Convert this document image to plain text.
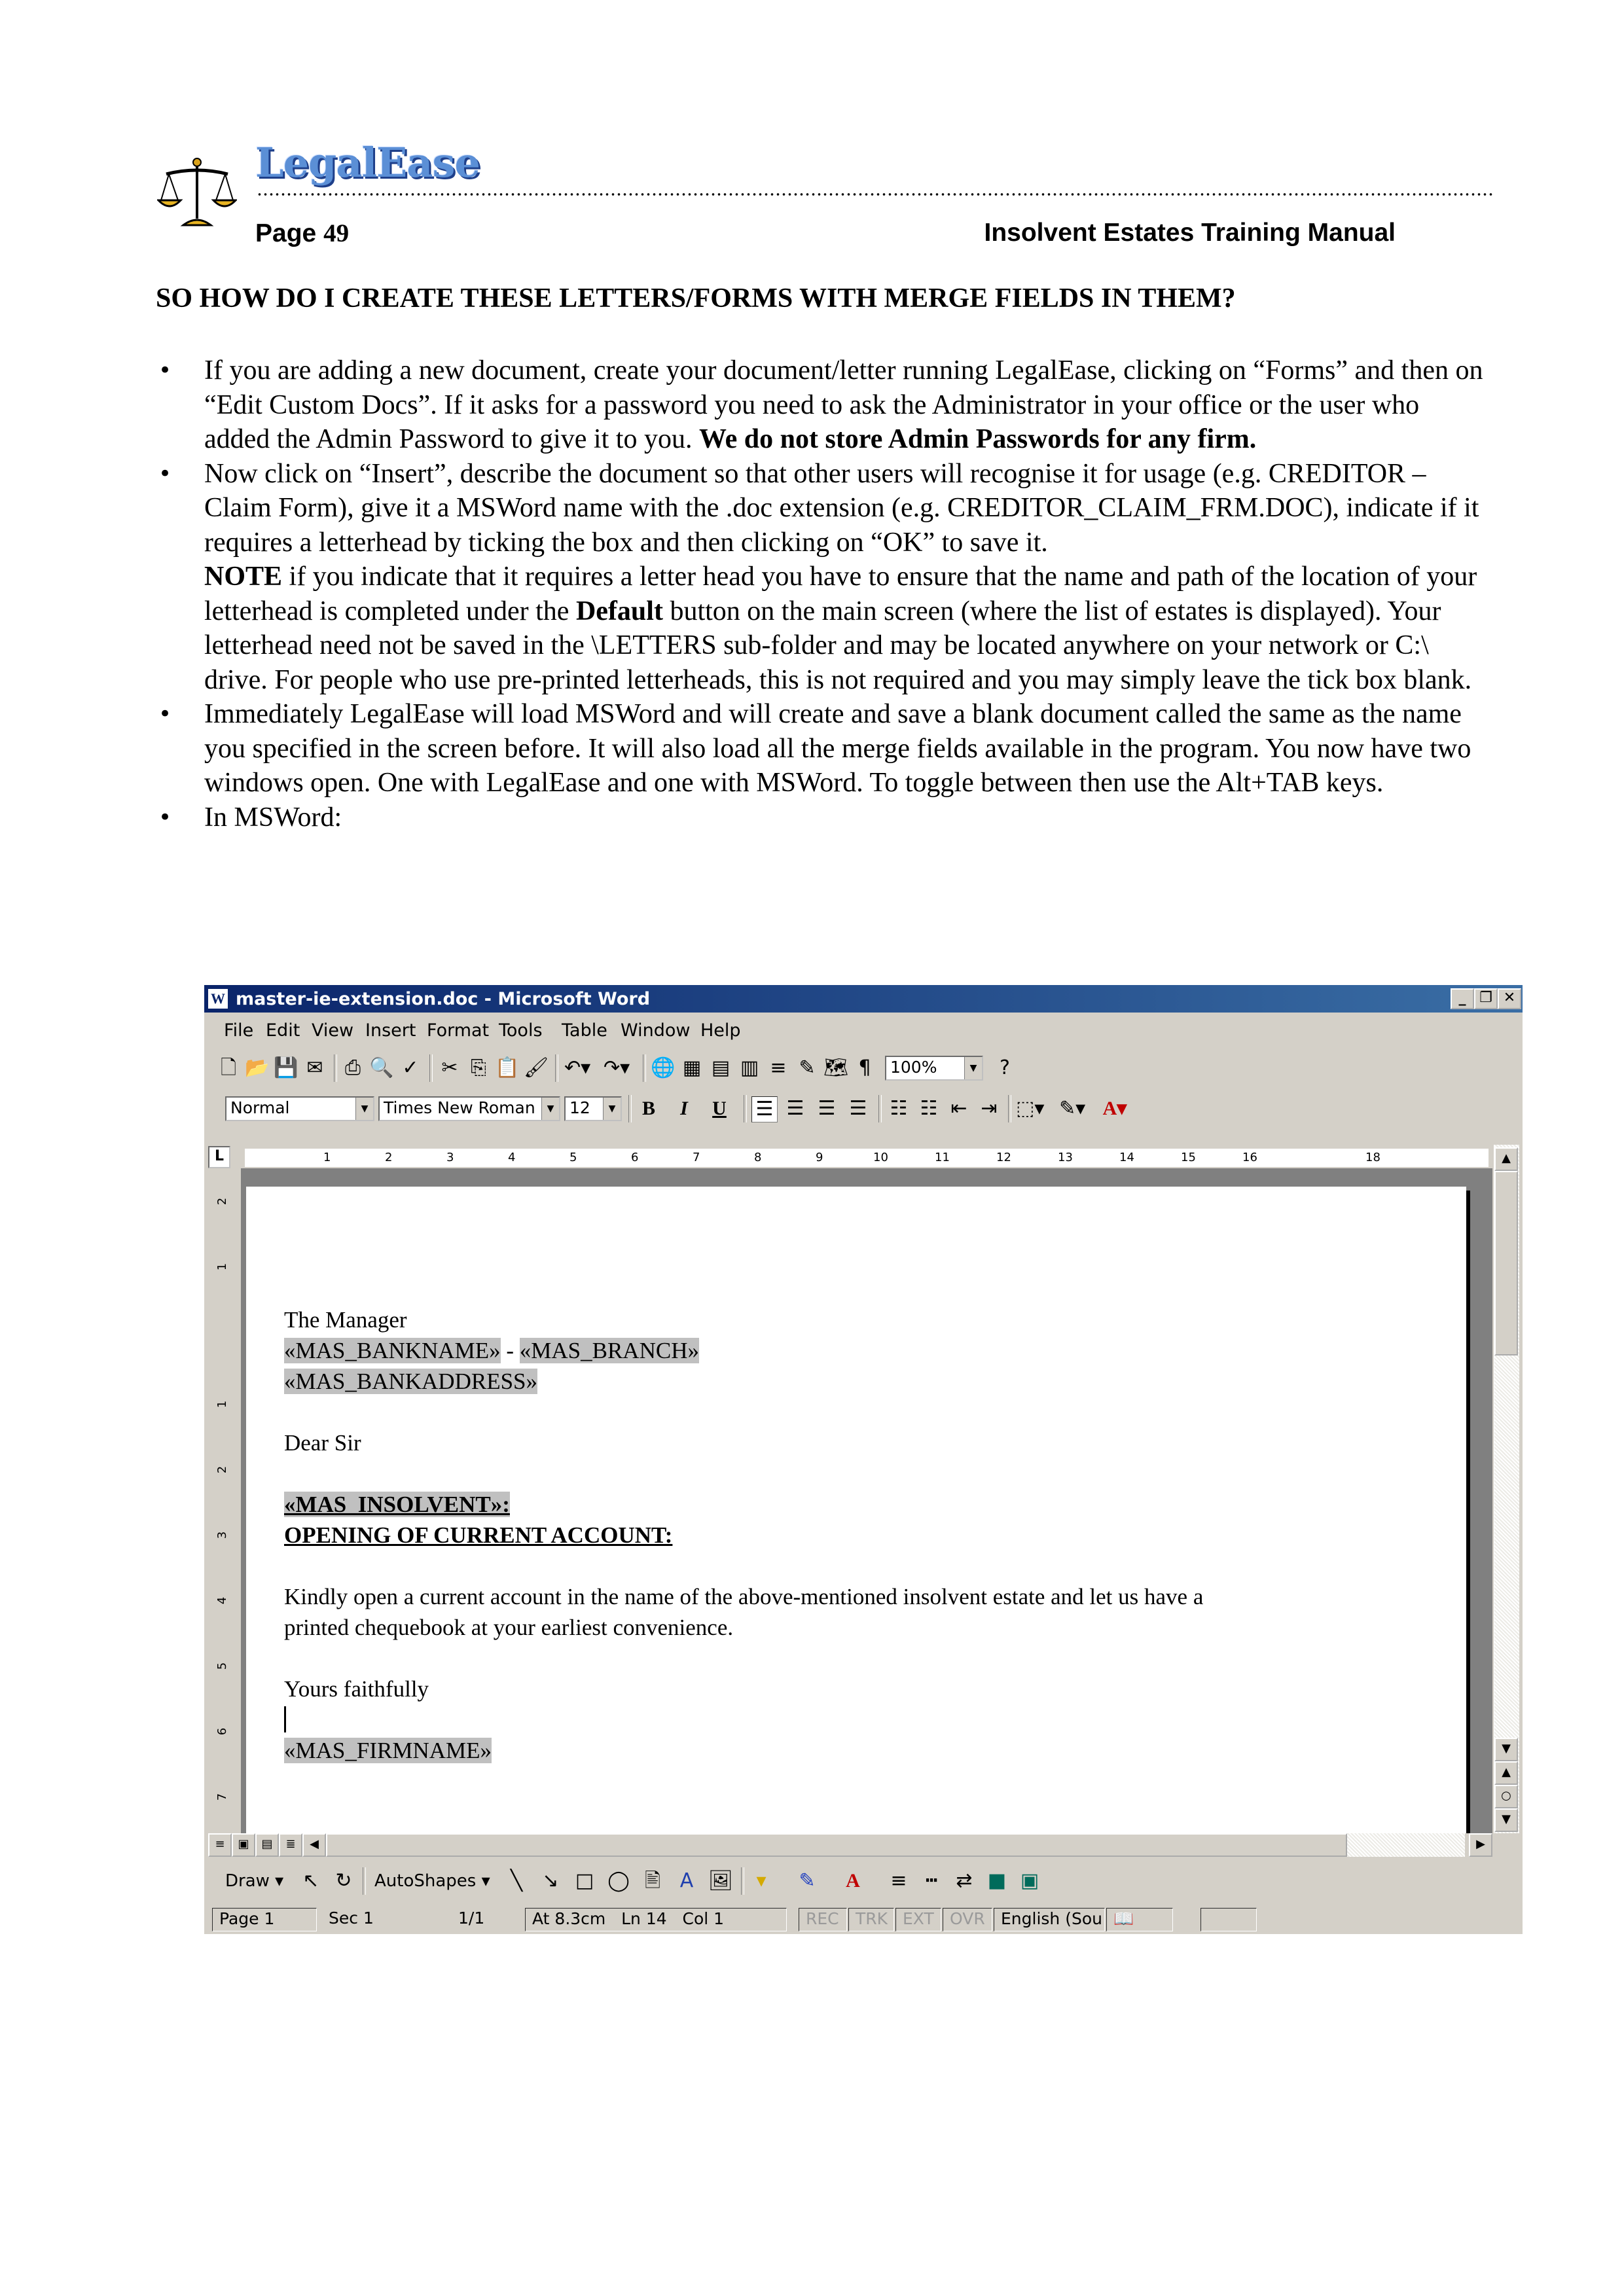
LegalEase
Page 49	Insolvent Estates Training Manual
SO HOW DO I CREATE THESE LETTERS/FORMS WITH MERGE FIELDS IN THEM?
• If you are adding a new document, create your document/letter running LegalEase, clicking on “Forms” and then on “Edit Custom Docs”. If it asks for a password you need to ask the Administrator in your office or the user who added the Admin Password to give it to you. We do not store Admin Passwords for any firm.
• Now click on “Insert”, describe the document so that other users will recognise it for usage (e.g. CREDITOR – Claim Form), give it a MSWord name with the .doc extension (e.g. CREDITOR_CLAIM_FRM.DOC), indicate if it requires a letterhead by ticking the box and then clicking on “OK” to save it.
NOTE if you indicate that it requires a letter head you have to ensure that the name and path of the location of your letterhead is completed under the Default button on the main screen (where the list of estates is displayed). Your letterhead need not be saved in the \LETTERS sub-folder and may be located anywhere on your network or C:\ drive. For people who use pre-printed letterheads, this is not required and you may simply leave the tick box blank.
• Immediately LegalEase will load MSWord and will create and save a blank document called the same as the name you specified in the screen before. It will also load all the merge fields available in the program. You now have two windows open. One with LegalEase and one with MSWord. To toggle between then use the Alt+TAB keys.
• In MSWord:
W master-ie-extension.doc - Microsoft Word	_ ❐ ✕
File Edit View Insert Format Tools Table Window Help
🗋 📂 💾 ✉ ⎙ 🔍 ✓ ✂ ⎘ 📋 🖌 ↶▾ ↷▾ 🌐 ▦ ▤ ▥ ≡ ✎ 🗺 ¶	100%	▼	?
Normal	▼ Times New Roman	▼ 12	▼ B	I	U ☰ ☰ ☰ ☰ ☷ ☷ ⇤ ⇥ ⬚▾ ✎▾ A▾
L	1	2	3	4	5	6	7	8	9	10	11	12	13	14	15	16	18
The Manager
«MAS_BANKNAME» - «MAS_BRANCH»
«MAS_BANKADDRESS»
Dear Sir
«MAS_INSOLVENT»:
OPENING OF CURRENT ACCOUNT:
Kindly open a current account in the name of the above-mentioned insolvent estate and let us have a
printed chequebook at your earliest convenience.
Yours faithfully
«MAS_FIRMNAME»
2
1
1
2
3
4
5
6
7
▲
▼
▲
○
▼
≡	▣	▤	≣	◀	▶
Draw ▾ ↖ ↻ AutoShapes ▾	╲	↘ □ ◯ 🖹 A 🖼	▾	✎ A ≡ ┅ ⇄ ■ ▣
Page 1	Sec 1	1/1	At 8.3cm Ln 14 Col 1	REC	TRK EXT OVR English (Sou 📖
